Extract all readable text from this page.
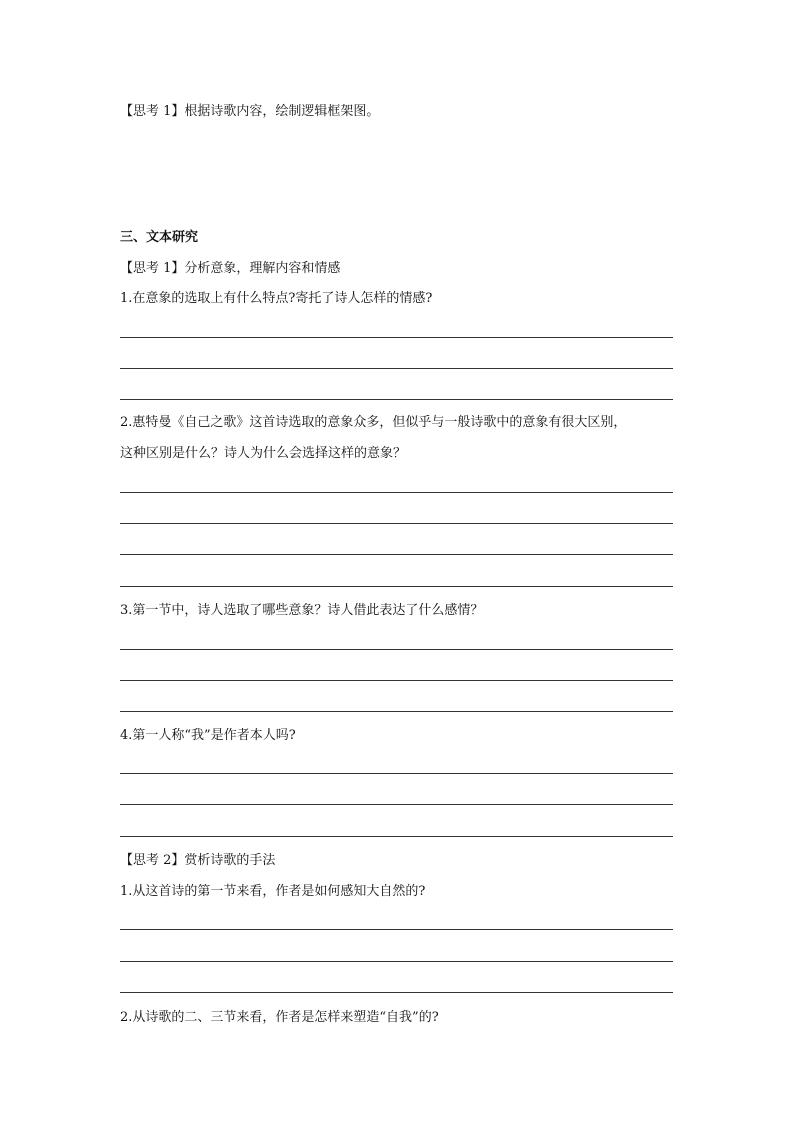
【思考 1】根据诗歌内容，绘制逻辑框架图。
三、文本研究
【思考 1】分析意象，理解内容和情感
1.在意象的选取上有什么特点?寄托了诗人怎样的情感?
2.惠特曼《自己之歌》这首诗选取的意象众多，但似乎与一般诗歌中的意象有很大区别，
这种区别是什么？诗人为什么会选择这样的意象？
3.第一节中，诗人选取了哪些意象？诗人借此表达了什么感情？
4.第一人称“我”是作者本人吗?
【思考 2】赏析诗歌的手法
1.从这首诗的第一节来看，作者是如何感知大自然的?
2.从诗歌的二、三节来看，作者是怎样来塑造“自我”的?
